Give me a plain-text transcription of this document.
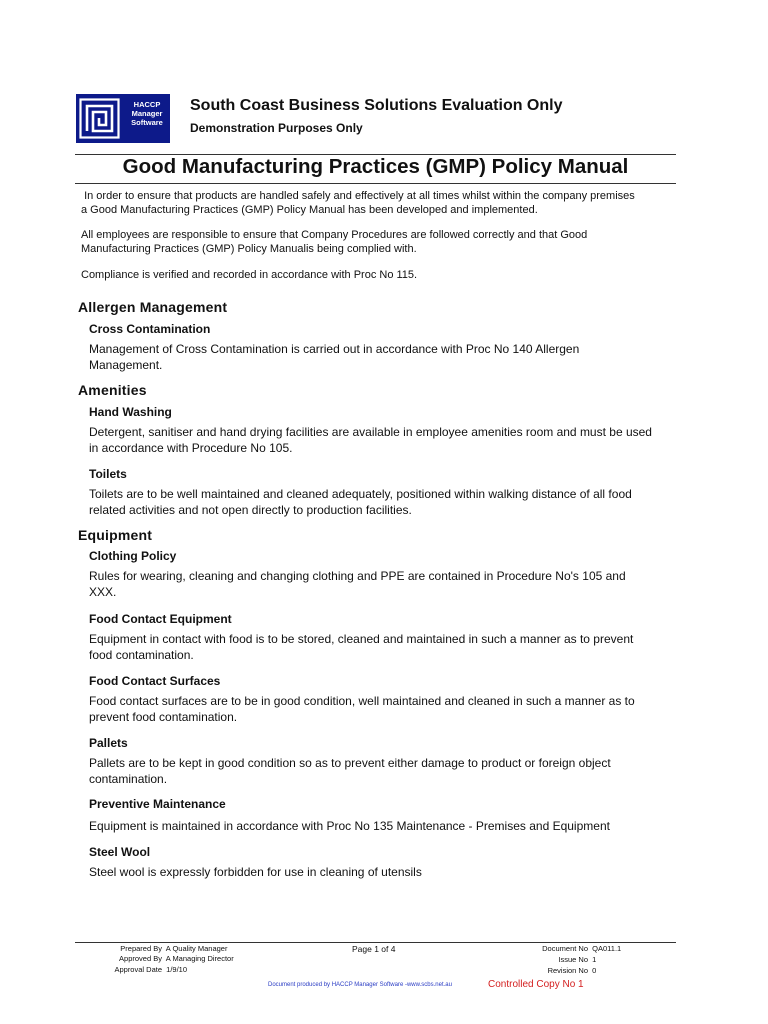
HACCP
Manager
Software
South Coast Business Solutions Evaluation Only
Demonstration Purposes Only
Good Manufacturing Practices (GMP) Policy Manual
In order to ensure that products are handled safely and effectively at all times whilst within the company premises a Good Manufacturing Practices (GMP) Policy Manual has been developed and implemented.
All employees are responsible to ensure that Company Procedures are followed correctly and that Good Manufacturing Practices (GMP) Policy Manualis being complied with.
Compliance is verified and recorded in accordance with Proc No 115.
Allergen Management
Cross Contamination
Management of Cross Contamination is carried out in accordance with Proc No 140 Allergen Management.
Amenities
Hand Washing
Detergent, sanitiser and hand drying facilities are available in employee amenities room and must be used in accordance with Procedure No 105.
Toilets
Toilets are to be well maintained and cleaned adequately, positioned within walking distance of all food related activities and not open directly to production facilities.
Equipment
Clothing Policy
Rules for wearing, cleaning and changing clothing and PPE are contained in Procedure No's 105 and XXX.
Food Contact Equipment
Equipment in contact with food is to be stored, cleaned and maintained in such a manner as to prevent food contamination.
Food Contact Surfaces
Food contact surfaces are to be in good condition, well maintained and cleaned in such a manner as to prevent food contamination.
Pallets
Pallets are to be kept in good condition so as to prevent either damage to product or foreign object contamination.
Preventive Maintenance
Equipment is maintained in accordance with Proc No 135 Maintenance - Premises and Equipment
Steel Wool
Steel wool is expressly forbidden for use in cleaning of utensils
Prepared By A Quality Manager
Approved By A Managing Director
Approval Date 1/9/10
Page 1 of 4	Document No QA011.1
Issue No 1
Revision No 0
Document produced by HACCP Manager Software -www.scbs.net.au	Controlled Copy No 1
